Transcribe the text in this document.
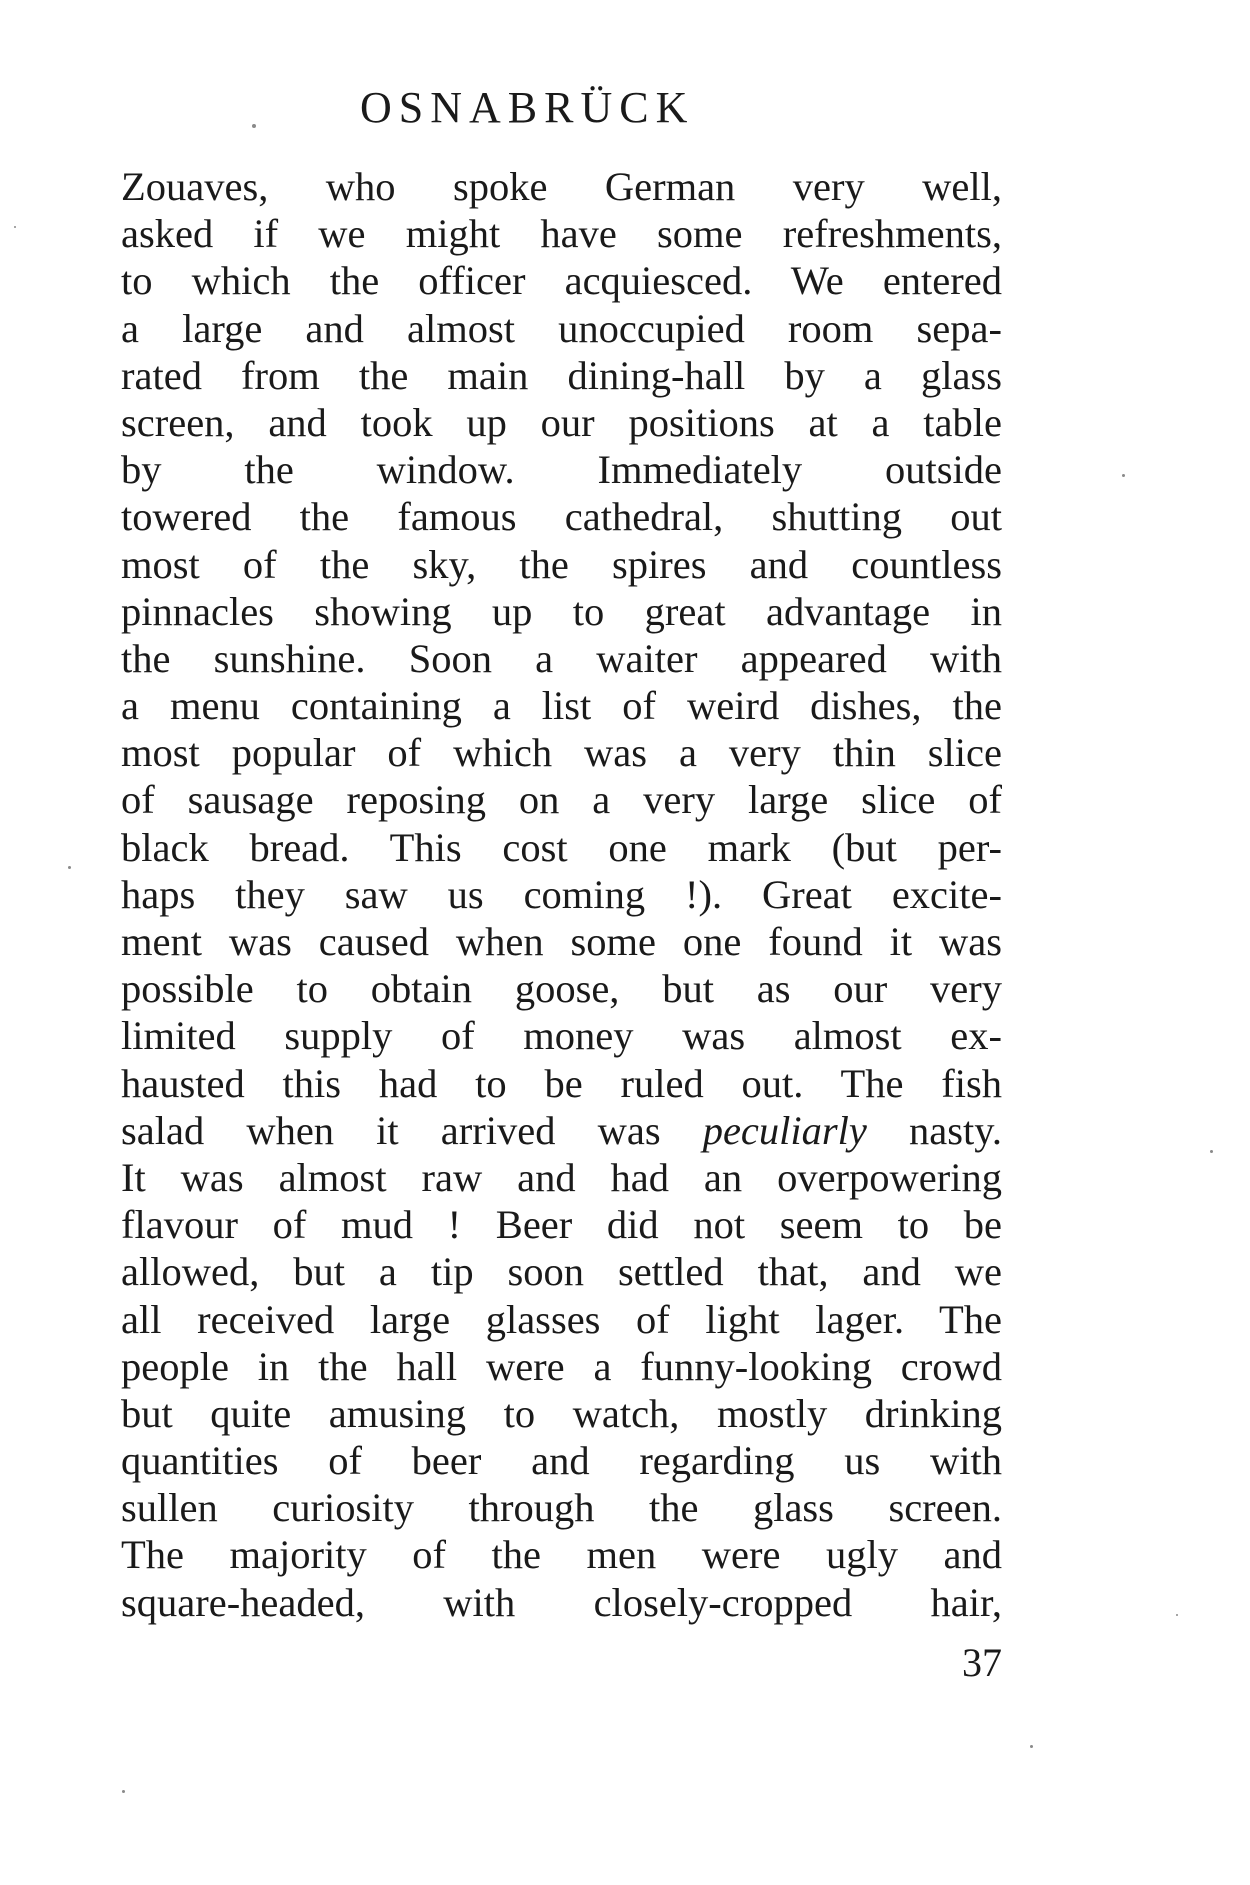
OSNABRÜCK
Zouaves, who spoke German very well,
asked if we might have some refreshments,
to which the officer acquiesced. We entered
a large and almost unoccupied room sepa-
rated from the main dining-hall by a glass
screen, and took up our positions at a table
by the window. Immediately outside
towered the famous cathedral, shutting out
most of the sky, the spires and countless
pinnacles showing up to great advantage in
the sunshine. Soon a waiter appeared with
a menu containing a list of weird dishes, the
most popular of which was a very thin slice
of sausage reposing on a very large slice of
black bread. This cost one mark (but per-
haps they saw us coming !). Great excite-
ment was caused when some one found it was
possible to obtain goose, but as our very
limited supply of money was almost ex-
hausted this had to be ruled out. The fish
salad when it arrived was peculiarly nasty.
It was almost raw and had an overpowering
flavour of mud ! Beer did not seem to be
allowed, but a tip soon settled that, and we
all received large glasses of light lager. The
people in the hall were a funny-looking crowd
but quite amusing to watch, mostly drinking
quantities of beer and regarding us with
sullen curiosity through the glass screen.
The majority of the men were ugly and
square-headed, with closely-cropped hair,
37
